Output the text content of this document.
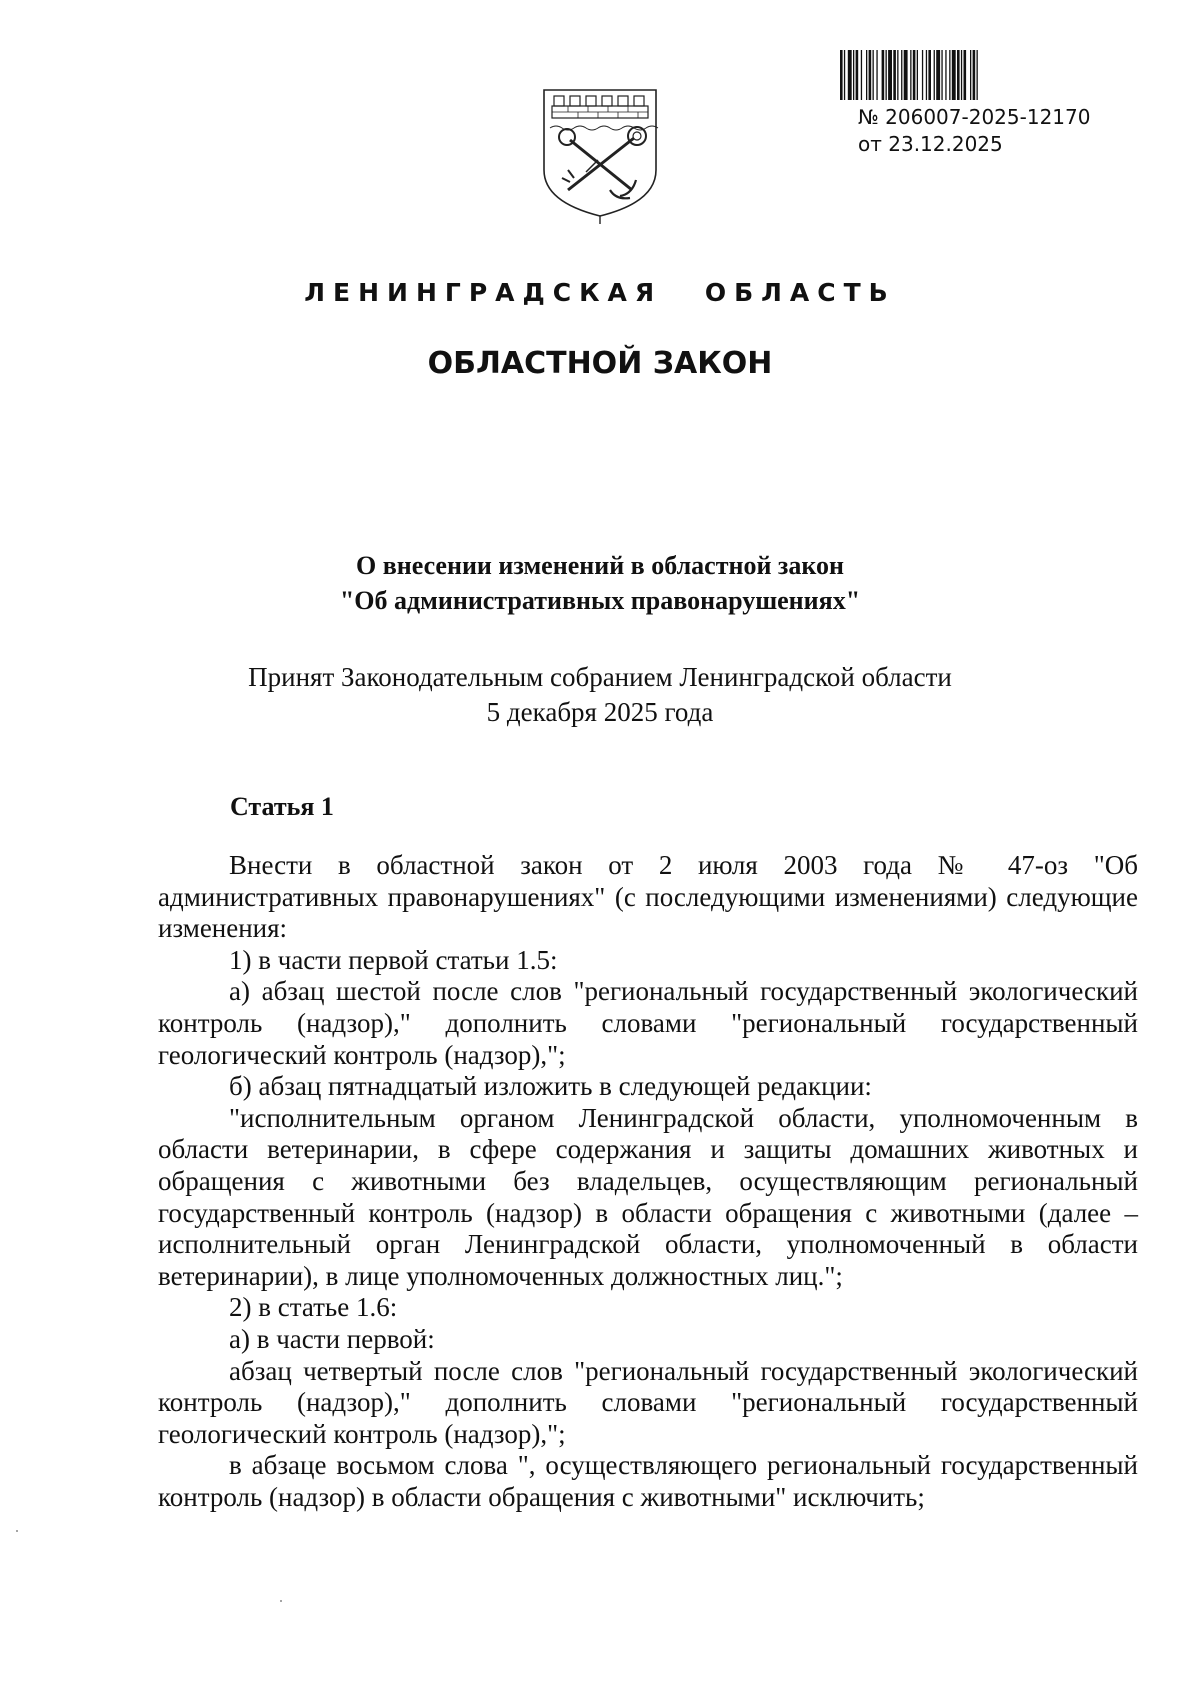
№ 206007-2025-12170
от 23.12.2025
ЛЕНИНГРАДСКАЯ ОБЛАСТЬ
ОБЛАСТНОЙ ЗАКОН
О внесении изменений в областной закон
"Об административных правонарушениях"
Принят Законодательным собранием Ленинградской области
5 декабря 2025 года
Статья 1

Внести в областной закон от 2 июля 2003 года № 47-оз "Об административных правонарушениях" (с последующими изменениями) следующие изменения:

1) в части первой статьи 1.5:

а) абзац шестой после слов "региональный государственный экологический контроль (надзор)," дополнить словами "региональный государственный геологический контроль (надзор),";

б) абзац пятнадцатый изложить в следующей редакции:

"исполнительным органом Ленинградской области, уполномоченным в области ветеринарии, в сфере содержания и защиты домашних животных и обращения с животными без владельцев, осуществляющим региональный государственный контроль (надзор) в области обращения с животными (далее – исполнительный орган Ленинградской области, уполномоченный в области ветеринарии), в лице уполномоченных должностных лиц.";

2) в статье 1.6:

а) в части первой:

абзац четвертый после слов "региональный государственный экологический контроль (надзор)," дополнить словами "региональный государственный геологический контроль (надзор),";

в абзаце восьмом слова ", осуществляющего региональный государственный контроль (надзор) в области обращения с животными" исключить;
